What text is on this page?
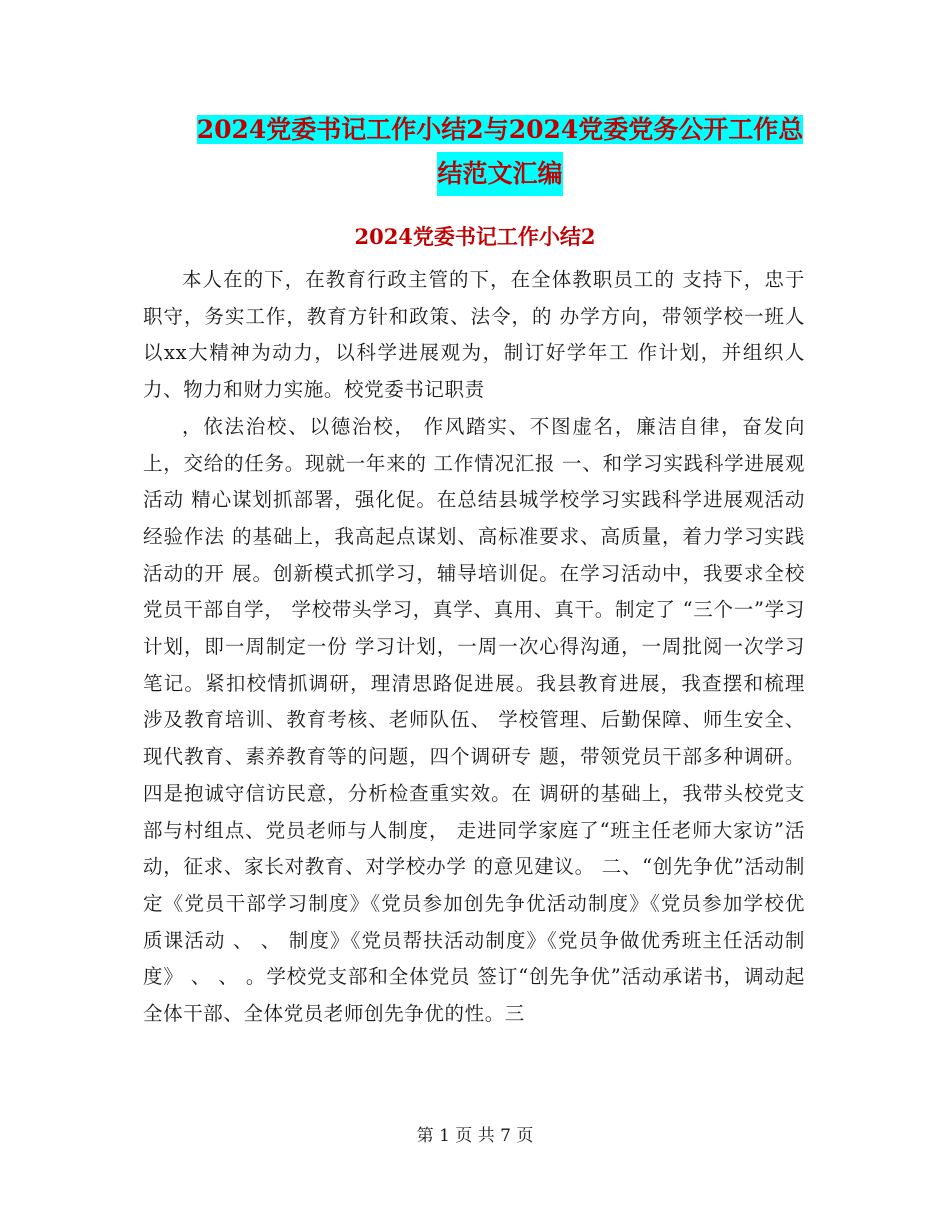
2024党委书记工作小结2与2024党委党务公开工作总
结范文汇编
2024党委书记工作小结2

本人在的下，在教育行政主管的下，在全体教职员工的 支持下，忠于职守，务实工作，教育方针和政策、法令，的 办学方向，带领学校一班人以xx大精神为动力，以科学进展观为，制订好学年工 作计划，并组织人力、物力和财力实施。校党委书记职责

，依法治校、以德治校， 作风踏实、不图虚名，廉洁自律，奋发向上，交给的任务。现就一年来的 工作情况汇报 一、和学习实践科学进展观活动 精心谋划抓部署，强化促。在总结县城学校学习实践科学进展观活动经验作法 的基础上，我高起点谋划、高标准要求、高质量，着力学习实践活动的开 展。创新模式抓学习，辅导培训促。在学习活动中，我要求全校党员干部自学， 学校带头学习，真学、真用、真干。制定了 “三个一”学习计划，即一周制定一份 学习计划，一周一次心得沟通，一周批阅一次学习笔记。紧扣校情抓调研，理清思路促进展。我县教育进展，我查摆和梳理涉及教育培训、教育考核、老师队伍、 学校管理、后勤保障、师生安全、现代教育、素养教育等的问题，四个调研专 题，带领党员干部多种调研。四是抱诚守信访民意，分析检查重实效。在 调研的基础上，我带头校党支部与村组点、党员老师与人制度， 走进同学家庭了“班主任老师大家访”活动，征求、家长对教育、对学校办学 的意见建议。 二、“创先争优”活动制定《党员干部学习制度》《党员参加创先争优活动制度》《党员参加学校优质课活动 、 、 制度》《党员帮扶活动制度》《党员争做优秀班主任活动制度》 、 、 。学校党支部和全体党员 签订“创先争优”活动承诺书，调动起全体干部、全体党员老师创先争优的性。三

第 1 页 共 7 页
